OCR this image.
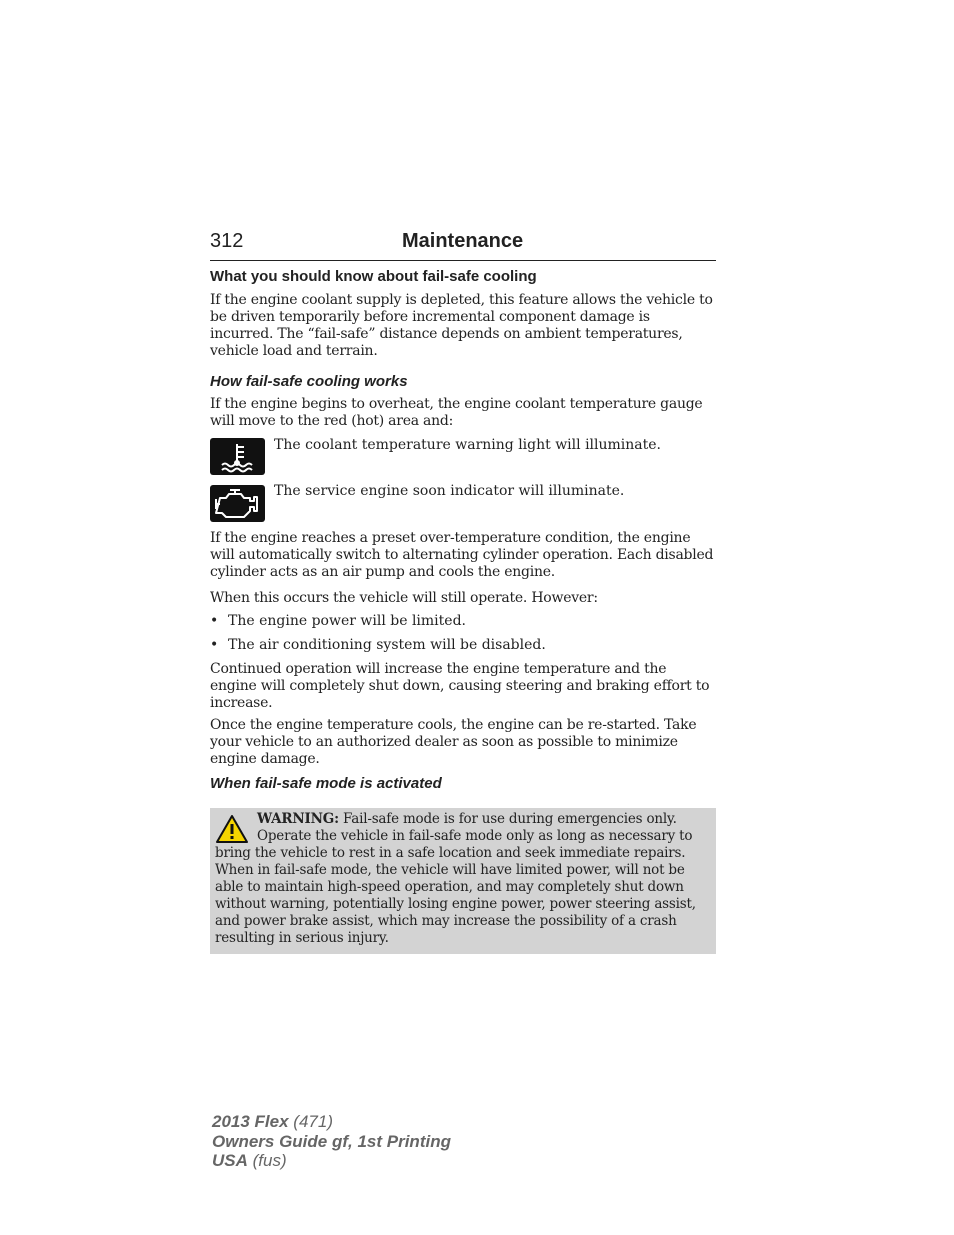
312	Maintenance
What you should know about fail-safe cooling
If the engine coolant supply is depleted, this feature allows the vehicle to be driven temporarily before incremental component damage is incurred. The “fail-safe” distance depends on ambient temperatures, vehicle load and terrain.
How fail-safe cooling works
If the engine begins to overheat, the engine coolant temperature gauge will move to the red (hot) area and:
The coolant temperature warning light will illuminate.
The service engine soon indicator will illuminate.
If the engine reaches a preset over-temperature condition, the engine will automatically switch to alternating cylinder operation. Each disabled cylinder acts as an air pump and cools the engine.
When this occurs the vehicle will still operate. However:
• The engine power will be limited.
• The air conditioning system will be disabled.
Continued operation will increase the engine temperature and the engine will completely shut down, causing steering and braking effort to increase.
Once the engine temperature cools, the engine can be re-started. Take your vehicle to an authorized dealer as soon as possible to minimize engine damage.
When fail-safe mode is activated
WARNING: Fail-safe mode is for use during emergencies only. Operate the vehicle in fail-safe mode only as long as necessary to bring the vehicle to rest in a safe location and seek immediate repairs. When in fail-safe mode, the vehicle will have limited power, will not be able to maintain high-speed operation, and may completely shut down without warning, potentially losing engine power, power steering assist, and power brake assist, which may increase the possibility of a crash resulting in serious injury.
2013 Flex (471)
Owners Guide gf, 1st Printing
USA (fus)
